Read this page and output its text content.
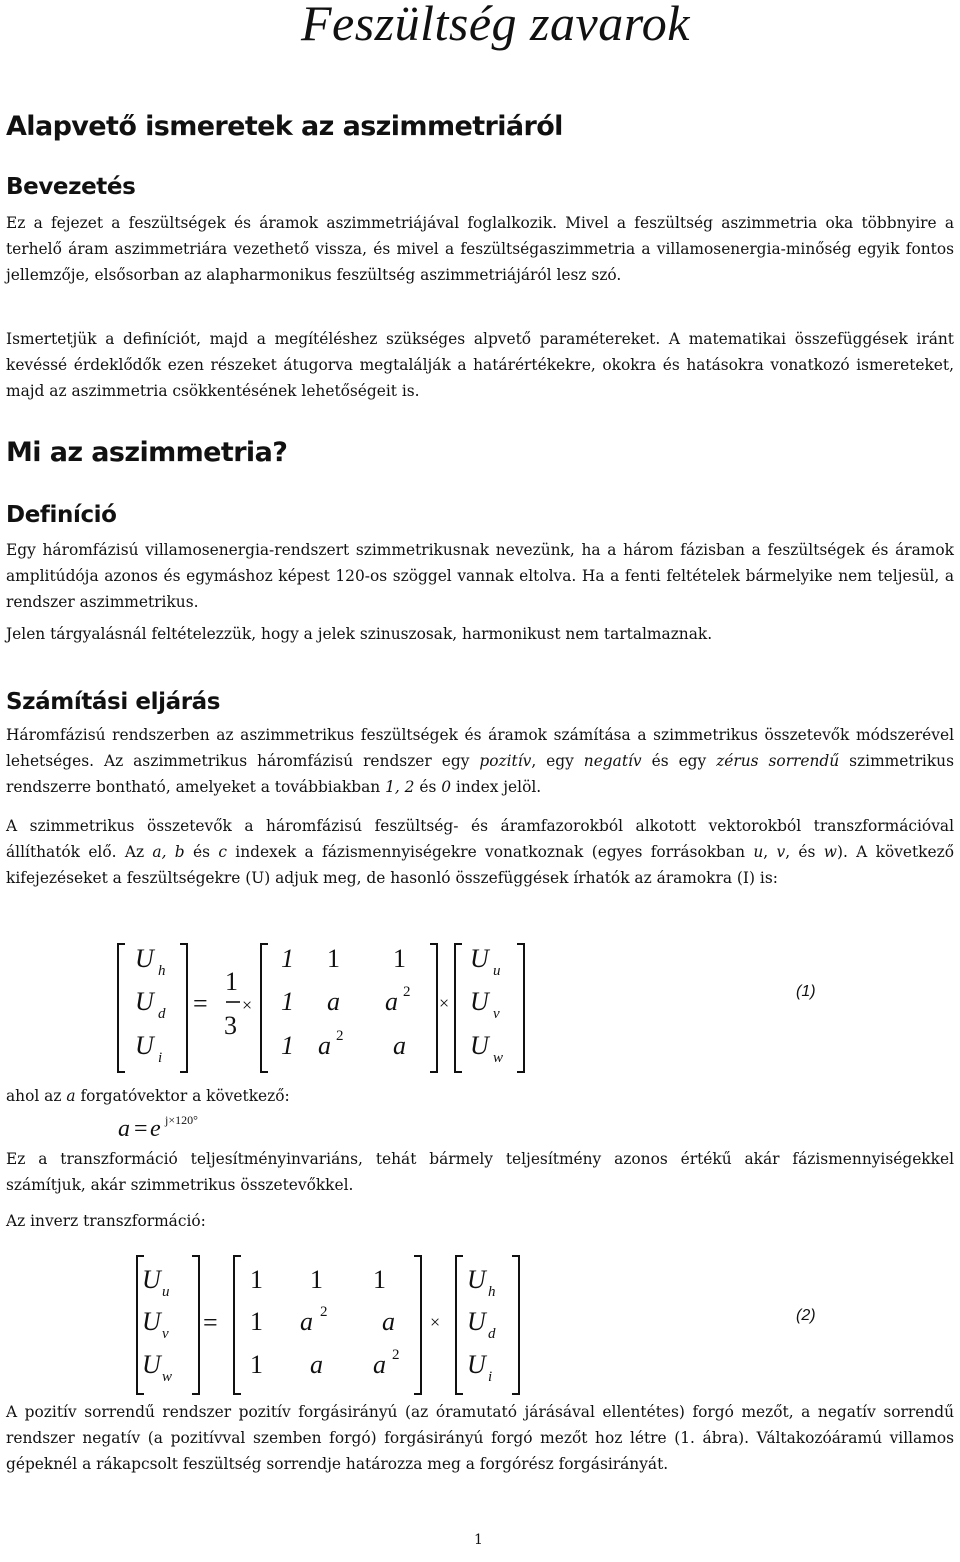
Feszültség zavarok
Alapvető ismeretek az aszimmetriáról
Bevezetés

Ez a fejezet a feszültségek és áramok aszimmetriájával foglalkozik. Mivel a feszültség aszimmetria oka többnyire a terhelő áram aszimmetriára vezethető vissza, és mivel a feszültségaszimmetria a villamosenergia-minőség egyik fontos jellemzője, elsősorban az alapharmonikus feszültség aszimmetriájáról lesz szó.

Ismertetjük a definíciót, majd a megítéléshez szükséges alpvető paramétereket. A matematikai összefüggések iránt kevéssé érdeklődők ezen részeket átugorva megtalálják a határértékekre, okokra és hatásokra vonatkozó ismereteket, majd az aszimmetria csökkentésének lehetőségeit is.

Mi az aszimmetria?
Definíció

Egy háromfázisú villamosenergia-rendszert szimmetrikusnak nevezünk, ha a három fázisban a feszültségek és áramok amplitúdója azonos és egymáshoz képest 120-os szöggel vannak eltolva. Ha a fenti feltételek bármelyike nem teljesül, a rendszer aszimmetrikus.

Jelen tárgyalásnál feltételezzük, hogy a jelek szinuszosak, harmonikust nem tartalmaznak.

Számítási eljárás

Háromfázisú rendszerben az aszimmetrikus feszültségek és áramok számítása a szimmetrikus összetevők módszerével lehetséges. Az aszimmetrikus háromfázisú rendszer egy pozitív, egy negatív és egy zérus sorrendű szimmetrikus rendszerre bontható, amelyeket a továbbiakban 1, 2 és 0 index jelöl.

A szimmetrikus összetevők a háromfázisú feszültség- és áramfazorokból alkotott vektorokból transzformációval állíthatók elő. Az a, b és c indexek a fázismennyiségekre vonatkoznak (egyes forrásokban u, v, és w). A következő kifejezéseket a feszültségekre (U) adjuk meg, de hasonló összefüggések írhatók az áramokra (I) is:

U h
U d
U i
=
1
3
×
1 1 1
1 a a 2
1 a 2 a
×
U u
U v
U w
(1)

ahol az a forgatóvektor a következő:

a = e j×120°

Ez a transzformáció teljesítményinvariáns, tehát bármely teljesítmény azonos értékű akár fázismennyiségekkel számítjuk, akár szimmetrikus összetevőkkel.

Az inverz transzformáció:

U u
U v
U w
=
1 1 1
1 a 2 a
1 a a 2
×
U h
U d
U i
(2)

A pozitív sorrendű rendszer pozitív forgásirányú (az óramutató járásával ellentétes) forgó mezőt, a negatív sorrendű rendszer negatív (a pozitívval szemben forgó) forgásirányú forgó mezőt hoz létre (1. ábra). Váltakozóáramú villamos gépeknél a rákapcsolt feszültség sorrendje határozza meg a forgórész forgásirányát.

1
